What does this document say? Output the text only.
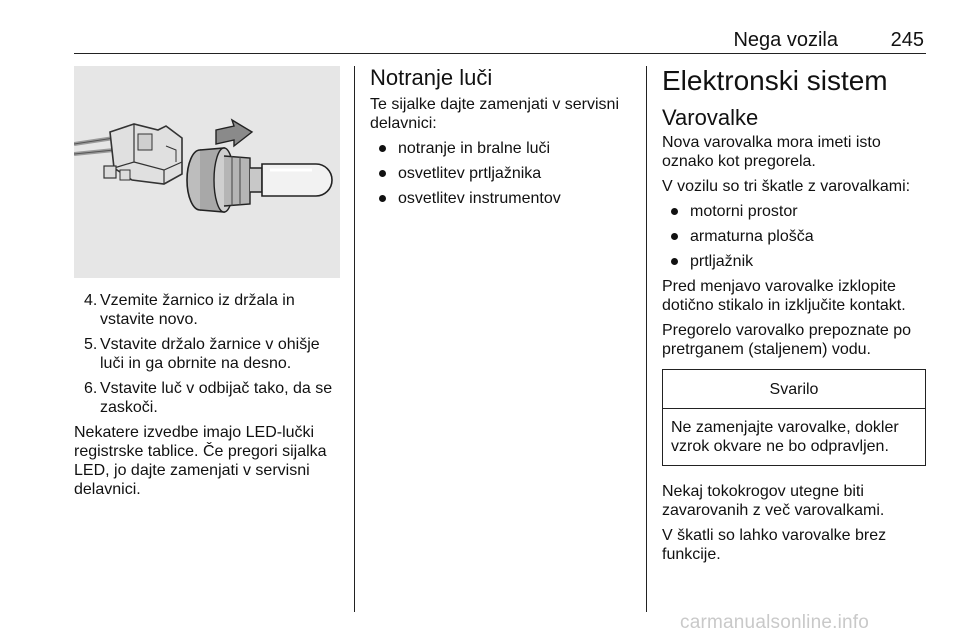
Nega vozila	245
4. Vzemite žarnico iz držala in vstavite novo.
5. Vstavite držalo žarnice v ohišje luči in ga obrnite na desno.
6. Vstavite luč v odbijač tako, da se zaskoči.

Nekatere izvedbe imajo LED-lučki registrske tablice. Če pregori sijalka LED, jo dajte zamenjati v servisni delavnici.

Notranje luči

Te sijalke dajte zamenjati v servisni delavnici:

notranje in bralne luči
osvetlitev prtljažnika
osvetlitev instrumentov
Elektronski sistem
Varovalke

Nova varovalka mora imeti isto oznako kot pregorela.

V vozilu so tri škatle z varovalkami:

motorni prostor
armaturna plošča
prtljažnik

Pred menjavo varovalke izklopite dotično stikalo in izključite kontakt.

Pregorelo varovalko prepoznate po pretrganem (staljenem) vodu.

Svarilo
Ne zamenjajte varovalke, dokler vzrok okvare ne bo odpravljen.

Nekaj tokokrogov utegne biti zavarovanih z več varovalkami.

V škatli so lahko varovalke brez funkcije.

carmanualsonline.info
